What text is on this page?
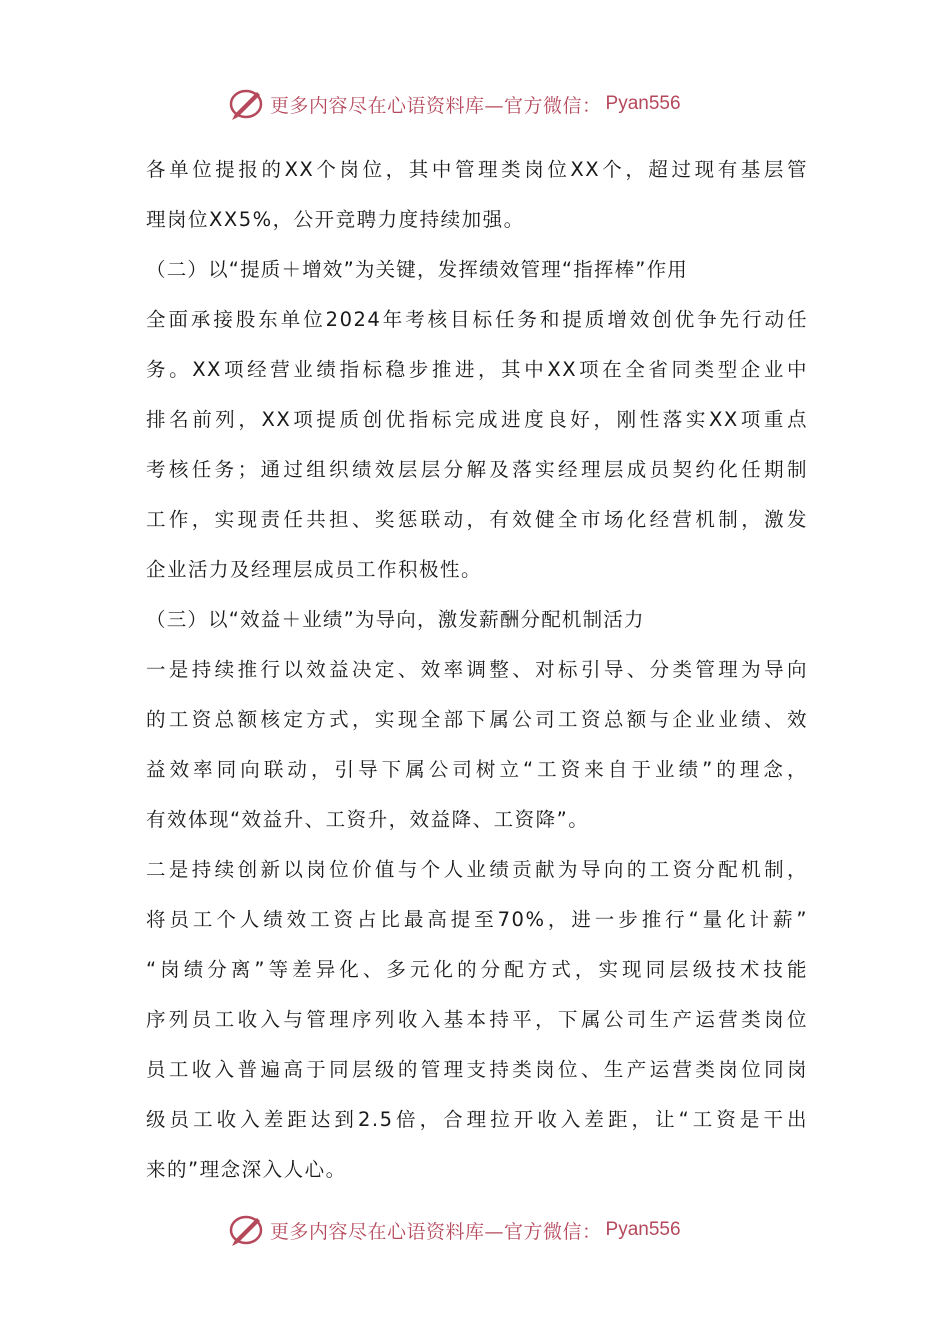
更多内容尽在心语资料库—官方微信： Pyan556

各单位提报的XX个岗位，其中管理类岗位XX个，超过现有基层管

理岗位XX5%，公开竞聘力度持续加强。

（二）以“提质＋增效”为关键，发挥绩效管理“指挥棒”作用

全面承接股东单位2024年考核目标任务和提质增效创优争先行动任

务。XX项经营业绩指标稳步推进，其中XX项在全省同类型企业中

排名前列，XX项提质创优指标完成进度良好，刚性落实XX项重点

考核任务；通过组织绩效层层分解及落实经理层成员契约化任期制

工作，实现责任共担、奖惩联动，有效健全市场化经营机制，激发

企业活力及经理层成员工作积极性。

（三）以“效益＋业绩”为导向，激发薪酬分配机制活力

一是持续推行以效益决定、效率调整、对标引导、分类管理为导向

的工资总额核定方式，实现全部下属公司工资总额与企业业绩、效

益效率同向联动，引导下属公司树立“工资来自于业绩”的理念，

有效体现“效益升、工资升，效益降、工资降”。

二是持续创新以岗位价值与个人业绩贡献为导向的工资分配机制，

将员工个人绩效工资占比最高提至70%，进一步推行“量化计薪”

“岗绩分离”等差异化、多元化的分配方式，实现同层级技术技能

序列员工收入与管理序列收入基本持平，下属公司生产运营类岗位

员工收入普遍高于同层级的管理支持类岗位、生产运营类岗位同岗

级员工收入差距达到2.5倍，合理拉开收入差距，让“工资是干出

来的”理念深入人心。

更多内容尽在心语资料库—官方微信： Pyan556
